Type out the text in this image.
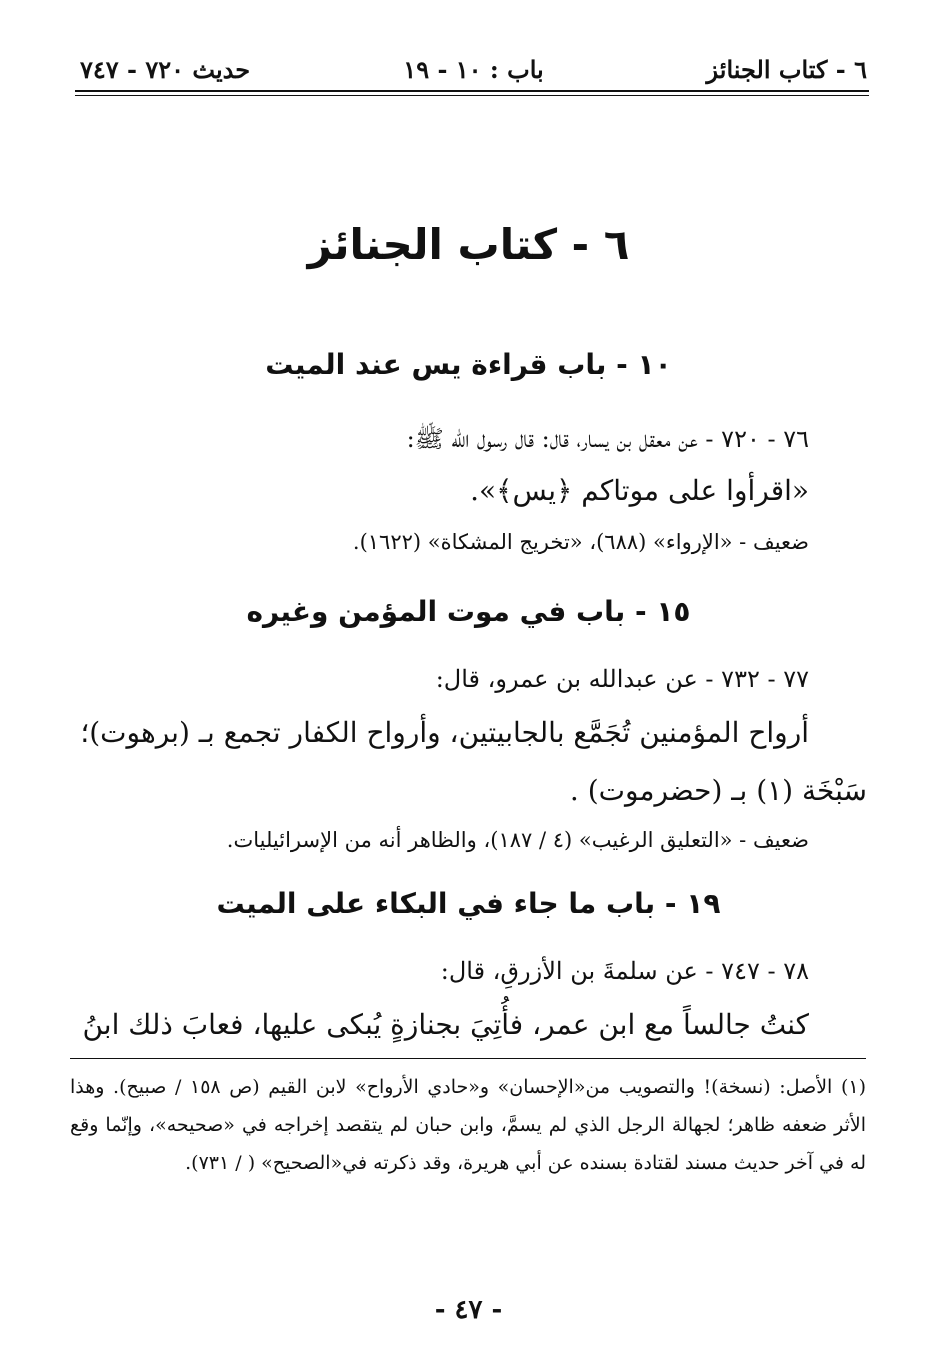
٦ - كتاب الجنائز
باب : ١٠ - ١٩
حديث ٧٢٠ - ٧٤٧
٦ - كتاب الجنائز
١٠ - باب قراءة يس عند الميت
٧٦ - ٧٢٠ - عن معقل بن يسار، قال: قال رسول الله ﷺ:
«اقرأوا على موتاكم ﴿يس﴾».
ضعيف - «الإرواء» (٦٨٨)، «تخريج المشكاة» (١٦٢٢).
١٥ - باب في موت المؤمن وغيره
٧٧ - ٧٣٢ - عن عبدالله بن عمرو، قال:
أرواح المؤمنين تُجَمَّع بالجابيتين، وأرواح الكفار تجمع بـ (برهوت)؛
سَبْخَة (١) بـ (حضرموت) .
ضعيف - «التعليق الرغيب» (٤ / ١٨٧)، والظاهر أنه من الإسرائيليات.
١٩ - باب ما جاء في البكاء على الميت
٧٨ - ٧٤٧ - عن سلمةَ بن الأزرقِ، قال:
كنتُ جالساً مع ابن عمر، فأُتِيَ بجنازةٍ يُبكى عليها، فعابَ ذلك ابنُ
(١) الأصل: (نسخة)! والتصويب من«الإحسان» و«حادي الأرواح» لابن القيم (ص ١٥٨ / صبيح). وهذا الأثر ضعفه ظاهر؛ لجهالة الرجل الذي لم يسمَّ، وابن حبان لم يتقصد إخراجه في «صحيحه»، وإنّما وقع له في آخر حديث مسند لقتادة بسنده عن أبي هريرة، وقد ذكرته في«الصحيح» ( / ٧٣١).
- ٤٧ -
